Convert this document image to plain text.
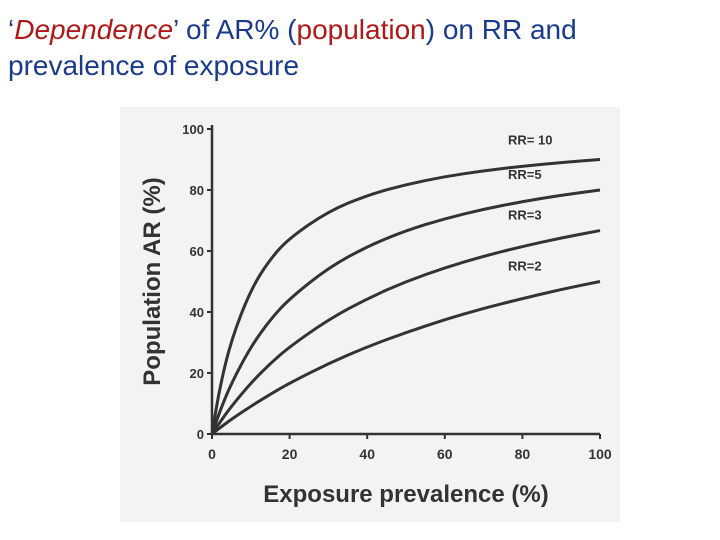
‘Dependence’ of AR% (population) on RR and prevalence of exposure
0
20
40
60
80
100
0	20	40	60	80	100
Exposure prevalence (%)
Population AR (%)
RR= 10
RR=5
RR=3
RR=2
